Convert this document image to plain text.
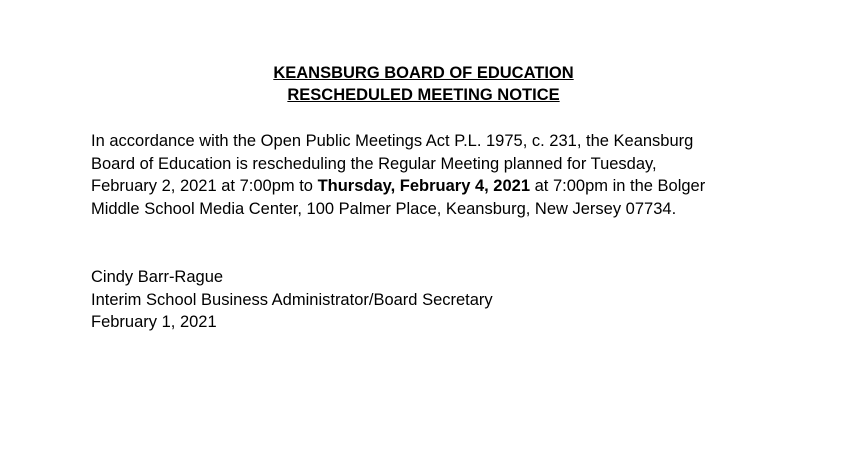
KEANSBURG BOARD OF EDUCATION
RESCHEDULED MEETING NOTICE
In accordance with the Open Public Meetings Act P.L. 1975, c. 231, the Keansburg
Board of Education is rescheduling the Regular Meeting planned for Tuesday,
February 2, 2021 at 7:00pm to Thursday, February 4, 2021 at 7:00pm in the Bolger
Middle School Media Center, 100 Palmer Place, Keansburg, New Jersey 07734.
Cindy Barr-Rague
Interim School Business Administrator/Board Secretary
February 1, 2021
